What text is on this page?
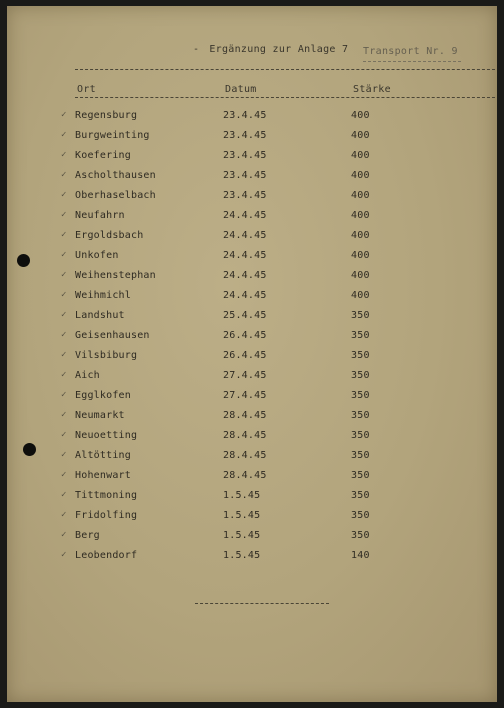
- Ergänzung zur Anlage 7 Transport Nr. 9
Ort	Datum	Stärke
✓ Regensburg	23.4.45	400
✓ Burgweinting	23.4.45	400
✓ Koefering	23.4.45	400
✓ Ascholthausen	23.4.45	400
✓ Oberhaselbach	23.4.45	400
✓ Neufahrn	24.4.45	400
✓ Ergoldsbach	24.4.45	400
✓ Unkofen	24.4.45	400
✓ Weihenstephan	24.4.45	400
✓ Weihmichl	24.4.45	400
✓ Landshut	25.4.45	350
✓ Geisenhausen	26.4.45	350
✓ Vilsbiburg	26.4.45	350
✓ Aich	27.4.45	350
✓ Egglkofen	27.4.45	350
✓ Neumarkt	28.4.45	350
✓ Neuoetting	28.4.45	350
✓ Altötting	28.4.45	350
✓ Hohenwart	28.4.45	350
✓ Tittmoning	1.5.45	350
✓ Fridolfing	1.5.45	350
✓ Berg	1.5.45	350
✓ Leobendorf	1.5.45	140
